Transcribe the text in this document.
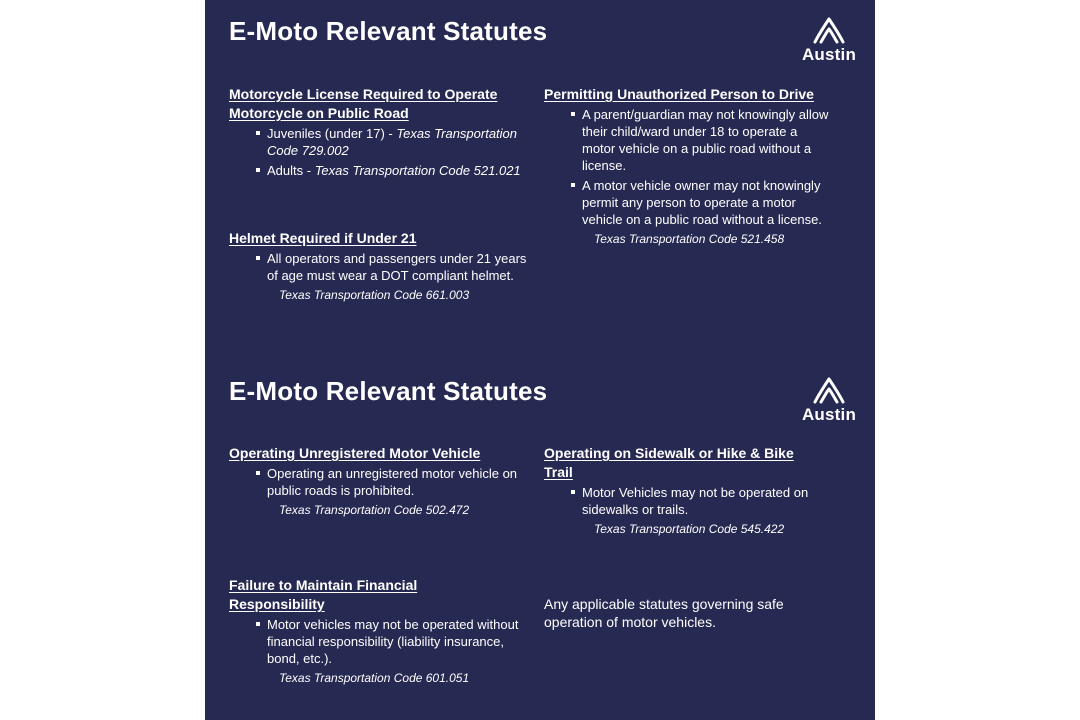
E-Moto Relevant Statutes
Austin

Motorcycle License Required to Operate
Motorcycle on Public Road

Juveniles (under 17) - Texas Transportation Code 729.002
Adults - Texas Transportation Code 521.021

Helmet Required if Under 21

All operators and passengers under 21 years of age must wear a DOT compliant helmet.
Texas Transportation Code 661.003

Permitting Unauthorized Person to Drive

A parent/guardian may not knowingly allow their child/ward under 18 to operate a motor vehicle on a public road without a license.
A motor vehicle owner may not knowingly permit any person to operate a motor vehicle on a public road without a license.
Texas Transportation Code 521.458
E-Moto Relevant Statutes
Austin

Operating Unregistered Motor Vehicle

Operating an unregistered motor vehicle on public roads is prohibited.
Texas Transportation Code 502.472

Operating on Sidewalk or Hike & Bike
Trail

Motor Vehicles may not be operated on sidewalks or trails.
Texas Transportation Code 545.422

Failure to Maintain Financial
Responsibility

Motor vehicles may not be operated without financial responsibility (liability insurance, bond, etc.).
Texas Transportation Code 601.051
Any applicable statutes governing safe operation of motor vehicles.
